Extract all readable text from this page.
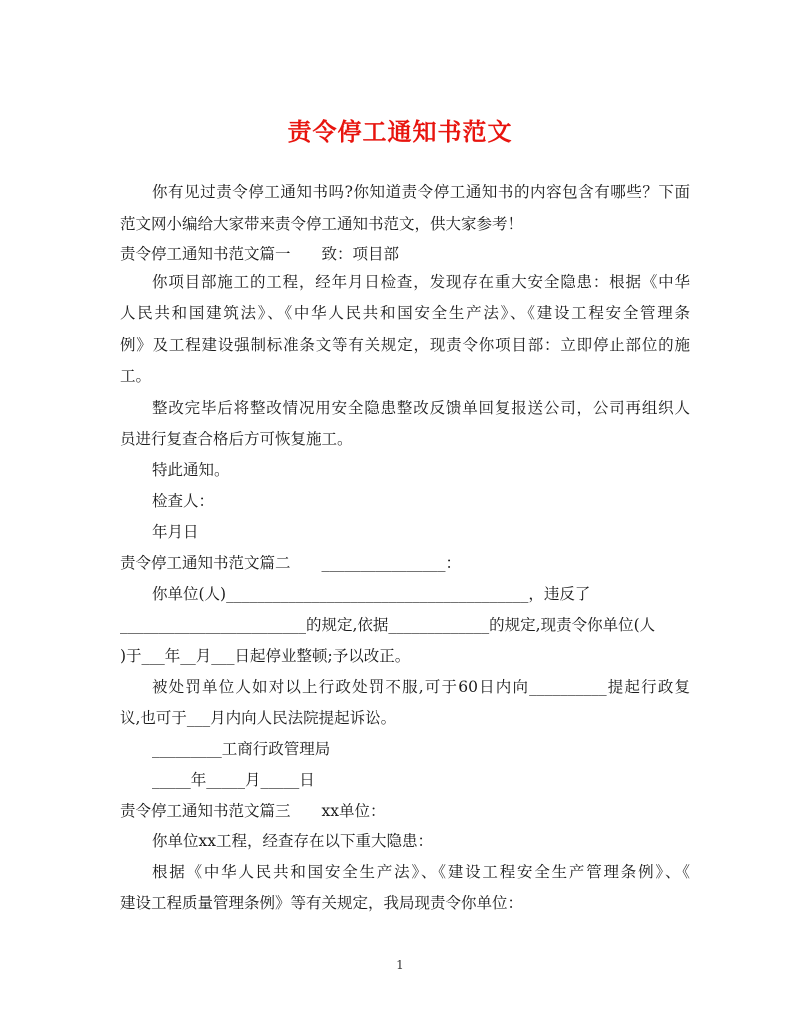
责令停工通知书范文
你有见过责令停工通知书吗?你知道责令停工通知书的内容包含有哪些？下面
范文网小编给大家带来责令停工通知书范文，供大家参考！
责令停工通知书范文篇一　　致：项目部
你项目部施工的工程，经年月日检查，发现存在重大安全隐患：根据《中华
人民共和国建筑法》、《中华人民共和国安全生产法》、《建设工程安全管理条
例》及工程建设强制标准条文等有关规定，现责令你项目部：立即停止部位的施
工。
整改完毕后将整改情况用安全隐患整改反馈单回复报送公司，公司再组织人
员进行复查合格后方可恢复施工。
特此通知。
检查人：
年月日
责令停工通知书范文篇二　　________________：
你单位(人)_______________________________________，违反了
________________________的规定,依据_____________的规定,现责令你单位(人
)于___年__月___日起停业整顿;予以改正。
被处罚单位人如对以上行政处罚不服,可于60日内向__________提起行政复
议,也可于___月内向人民法院提起诉讼。
_________工商行政管理局
_____年_____月_____日
责令停工通知书范文篇三　　xx单位：
你单位xx工程，经查存在以下重大隐患：
根据《中华人民共和国安全生产法》、《建设工程安全生产管理条例》、《
建设工程质量管理条例》等有关规定，我局现责令你单位：
1
